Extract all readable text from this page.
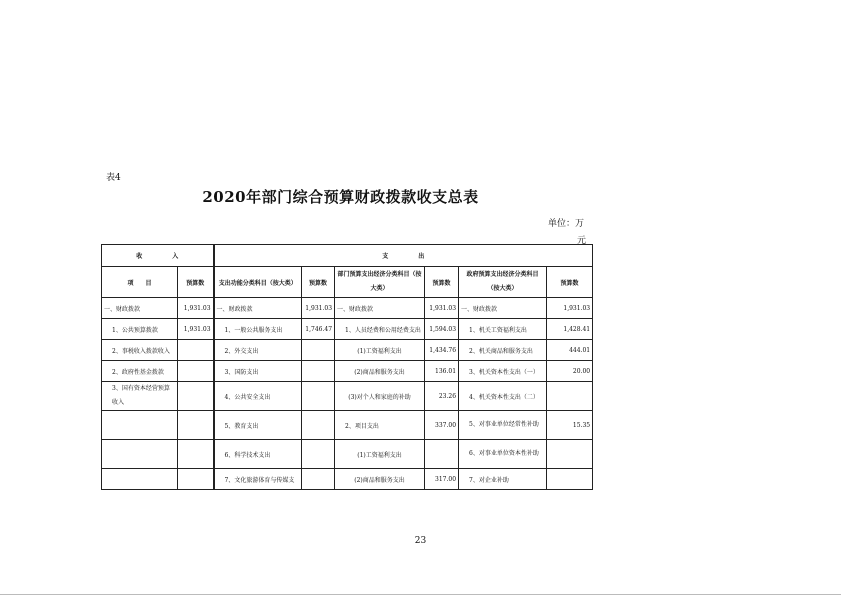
表4
2020年部门综合预算财政拨款收支总表
单位：万
元
收　　　　　入		支　　　　　出					
项　　目	预算数	支出功能分类科目（按大类）	预算数	部门预算支出经济分类科目（按大类）	预算数	政府预算支出经济分类科目（按大类）	预算数
一、财政拨款	1,931.03	一、财政拨款	1,931.03	一、财政拨款	1,931.03	一、财政拨款	1,931.03
1、公共预算拨款	1,931.03	1、一般公共服务支出	1,746.47	1、人员经费和公用经费支出	1,594.03	1、机关工资福利支出	1,428.41
2、事税收入拨款收入		2、外交支出		(1)工资福利支出	1,434.76	2、机关商品和服务支出	444.01
2、政府性基金拨款		3、国防支出		(2)商品和服务支出	136.01	3、机关资本性支出（一）	20.00
3、国有资本经营预算收入		4、公共安全支出		(3)对个人和家庭的补助	23.26	4、机关资本性支出（二）	
		5、教育支出		2、项目支出	337.00	5、对事业单位经常性补助	15.35
		6、科学技术支出		(1)工资福利支出		6、对事业单位资本性补助	
		7、文化旅游体育与传媒支		(2)商品和服务支出	317.00	7、对企业补助	
23
